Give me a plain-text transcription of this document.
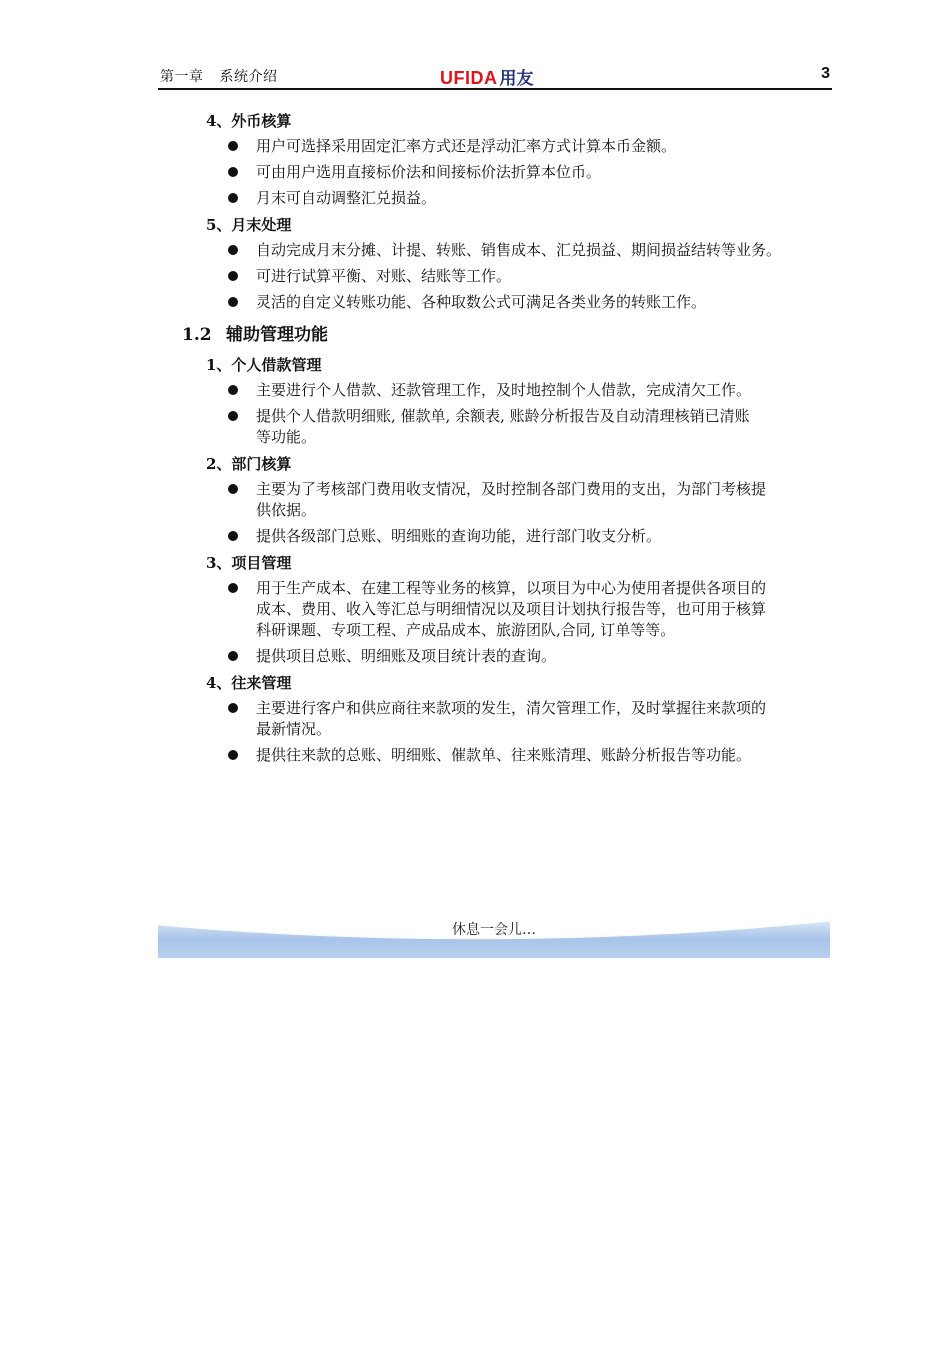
第一章 系统介绍	UFIDA 用友	3
4、外币核算
用户可选择采用固定汇率方式还是浮动汇率方式计算本币金额。
可由用户选用直接标价法和间接标价法折算本位币。
月末可自动调整汇兑损益。
5、月末处理
自动完成月末分摊、计提、转账、销售成本、汇兑损益、期间损益结转等业务。
可进行试算平衡、对账、结账等工作。
灵活的自定义转账功能、各种取数公式可满足各类业务的转账工作。
1.2 辅助管理功能
1、个人借款管理
主要进行个人借款、还款管理工作，及时地控制个人借款，完成清欠工作。
提供个人借款明细账, 催款单, 余额表, 账龄分析报告及自动清理核销已清账
等功能。
2、部门核算
主要为了考核部门费用收支情况，及时控制各部门费用的支出，为部门考核提
供依据。
提供各级部门总账、明细账的查询功能，进行部门收支分析。
3、项目管理
用于生产成本、在建工程等业务的核算，以项目为中心为使用者提供各项目的
成本、费用、收入等汇总与明细情况以及项目计划执行报告等，也可用于核算
科研课题、专项工程、产成品成本、旅游团队,合同, 订单等等。
提供项目总账、明细账及项目统计表的查询。
4、往来管理
主要进行客户和供应商往来款项的发生，清欠管理工作，及时掌握往来款项的
最新情况。
提供往来款的总账、明细账、催款单、往来账清理、账龄分析报告等功能。
休息一会儿…
